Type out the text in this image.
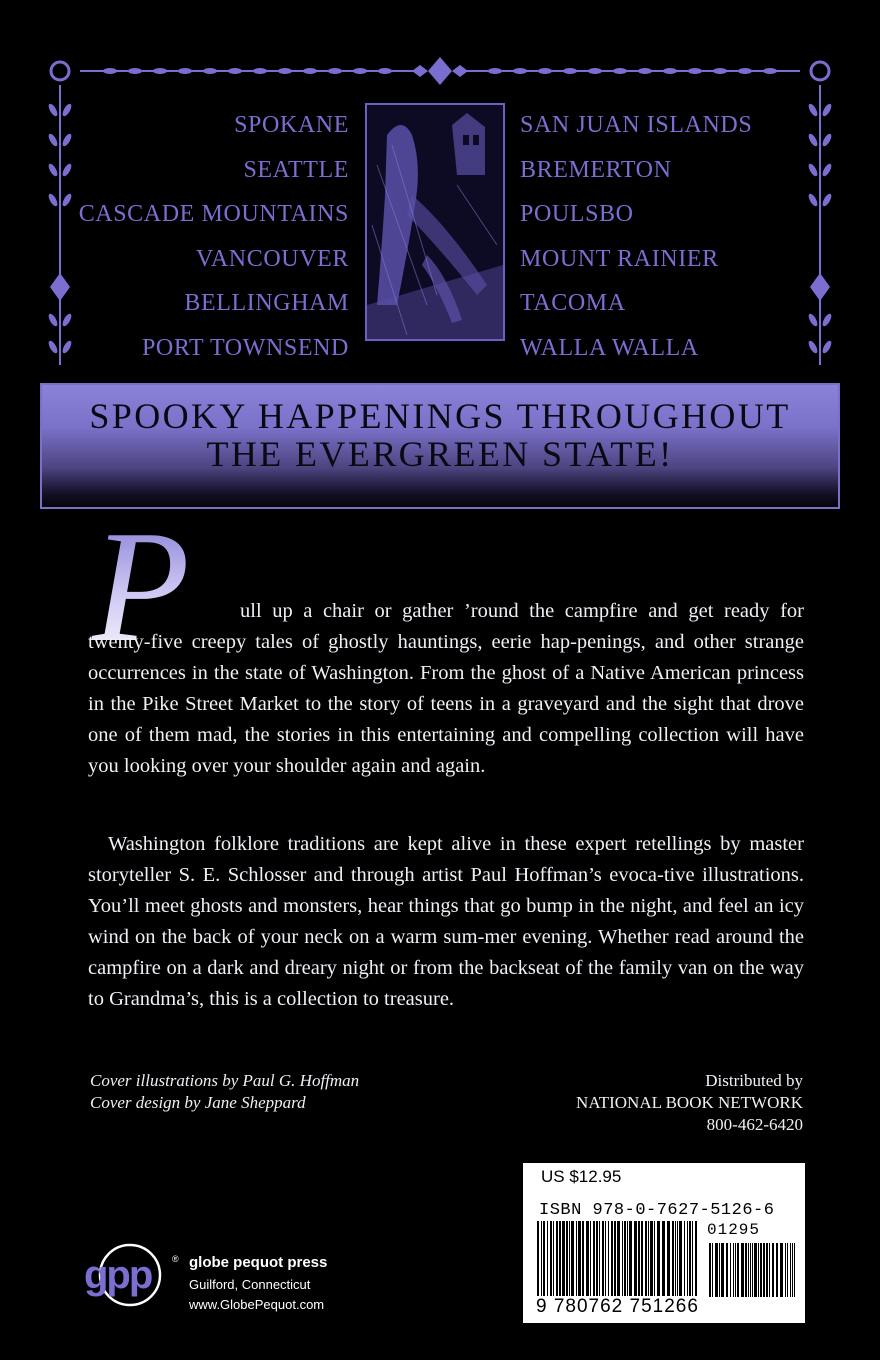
SPOKANE
SEATTLE
CASCADE MOUNTAINS
VANCOUVER
BELLINGHAM
PORT TOWNSEND
SAN JUAN ISLANDS
BREMERTON
POULSBO
MOUNT RAINIER
TACOMA
WALLA WALLA
SPOOKY HAPPENINGS THROUGHOUT
THE EVERGREEN STATE!
P	ull up a chair or gather ’round the campfire and get ready for twenty-five creepy tales of ghostly hauntings, eerie hap-penings, and other strange occurrences in the state of Washington. From the ghost of a Native American princess in the Pike Street Market to the story of teens in a graveyard and the sight that drove one of them mad, the stories in this entertaining and compelling collection will have you looking over your shoulder again and again.
Washington folklore traditions are kept alive in these expert retellings by master storyteller S. E. Schlosser and through artist Paul Hoffman’s evoca-tive illustrations. You’ll meet ghosts and monsters, hear things that go bump in the night, and feel an icy wind on the back of your neck on a warm sum-mer evening. Whether read around the campfire on a dark and dreary night or from the backseat of the family van on the way to Grandma’s, this is a collection to treasure.
Cover illustrations by Paul G. Hoffman
Cover design by Jane Sheppard
Distributed by
NATIONAL BOOK NETWORK
800-462-6420
US $12.95
ISBN 978-0-7627-5126-6
01295
9 780762 751266
gpp ® globe pequot press
Guilford, Connecticut
www.GlobePequot.com
